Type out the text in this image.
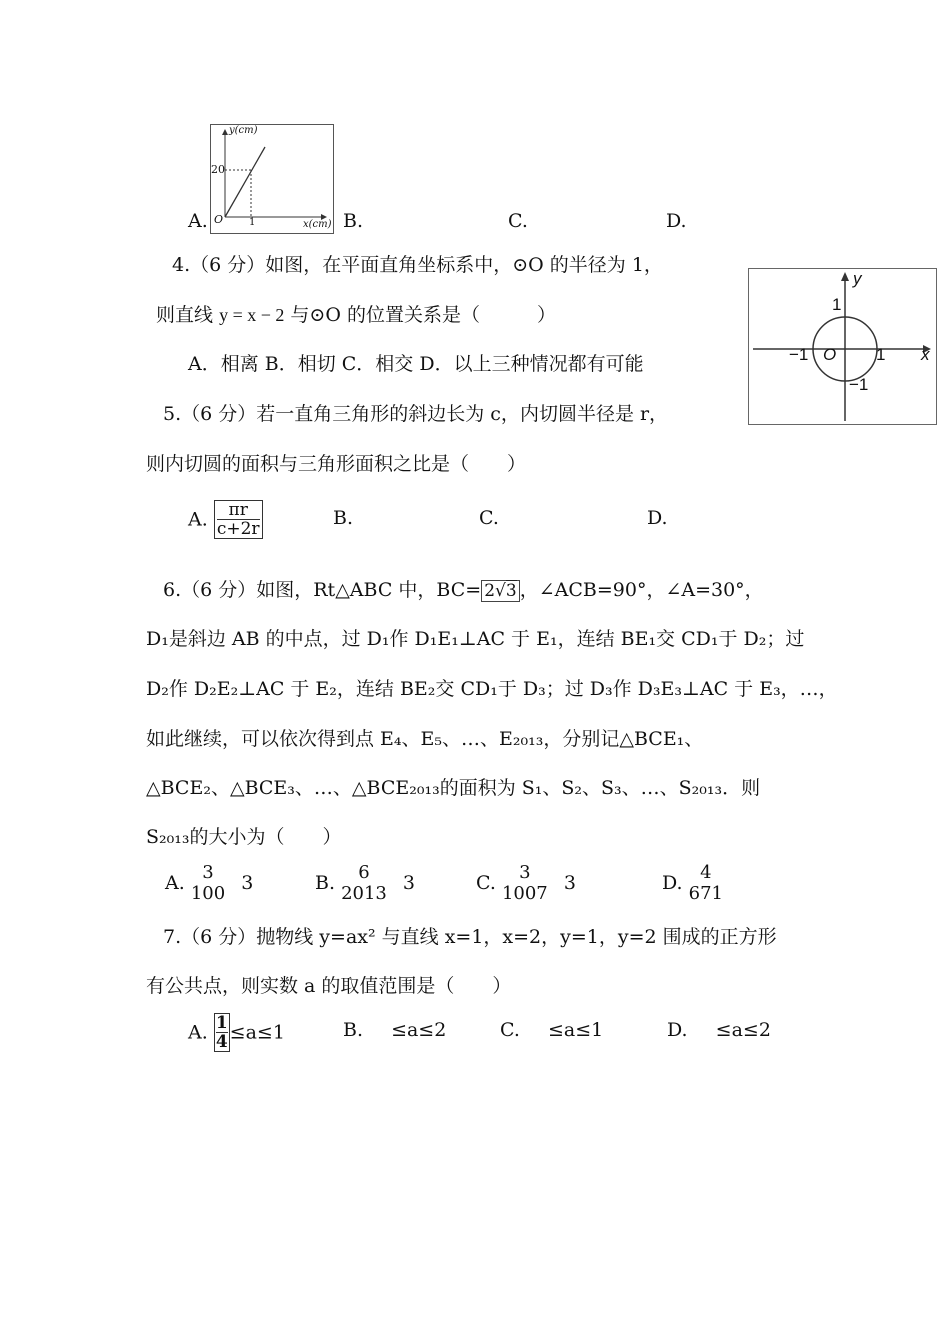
y(cm)
20
O	1	x(cm)
A.	B.	C.	D.
4.（6 分）如图，在平面直角坐标系中，⊙O 的半径为 1，
则直线 y = x − 2 与⊙O 的位置关系是（　　　）
A．相离 B．相切 C．相交 D．以上三种情况都有可能
y
1
−1 O 1 x
−1
5.（6 分）若一直角三角形的斜边长为 c，内切圆半径是 r，
则内切圆的面积与三角形面积之比是（　　）
A. $\frac{\pi r}{c+2r}$	B.	C.	D.
6.（6 分）如图，Rt△ABC 中，BC= 2√3 ，∠ACB=90°，∠A=30°，
D₁是斜边 AB 的中点，过 D₁作 D₁E₁⊥AC 于 E₁，连结 BE₁交 CD₁于 D₂；过
D₂作 D₂E₂⊥AC 于 E₂，连结 BE₂交 CD₁于 D₃；过 D₃作 D₃E₃⊥AC 于 E₃，…，
如此继续，可以依次得到点 E₄、E₅、…、E₂₀₁₃，分别记△BCE₁、
△BCE₂、△BCE₃、…、△BCE₂₀₁₃的面积为 S₁、S₂、S₃、…、S₂₀₁₃．则
S₂₀₁₃的大小为（　　）
A. 3
100 3	B.	6
2013 3	C.	3
1007 3	D. 4
671
7.（6 分）抛物线 y=ax² 与直线 x=1，x=2，y=1，y=2 围成的正方形
有公共点，则实数 a 的取值范围是（　　）
A. $\frac{1}{4}\le a\le 1$	B. ≤a≤2	C. ≤a≤1	D. ≤a≤2
